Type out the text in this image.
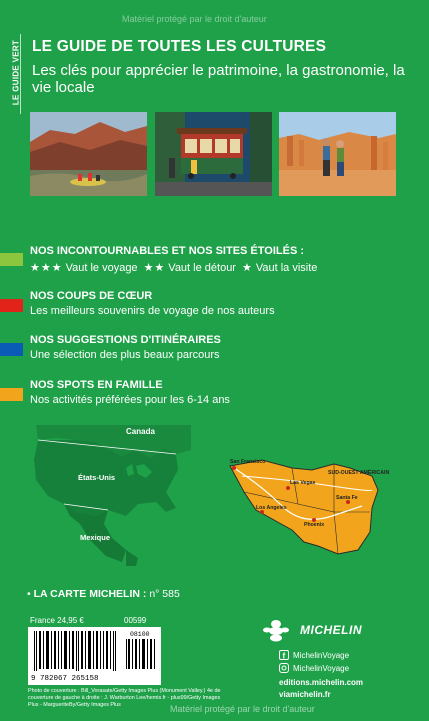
Matériel protégé par le droit d'auteur
LE GUIDE VERT LE GUIDE DE TOUTES LES CULTURES
Les clés pour apprécier le patrimoine, la gastronomie, la vie locale
NOS INCONTOURNABLES ET NOS SITES ÉTOILÉS :
★★★ Vaut le voyage ★★ Vaut le détour ★ Vaut la visite
NOS COUPS DE CŒUR
Les meilleurs souvenirs de voyage de nos auteurs
NOS SUGGESTIONS D'ITINÉRAIRES
Une sélection des plus beaux parcours
NOS SPOTS EN FAMILLE
Nos activités préférées pour les 6-14 ans
Canada
États-Unis
Mexique
San Francisco
SUD-OUEST AMÉRICAIN
Las Vegas
Santa Fe
Los Angeles
Phoenix
• LA CARTE MICHELIN : n° 585
France 24,95 €	00599
9 782067 265158
08100
Photo de couverture : Bill_Vorasate/Getty Images Plus (Monument Valley.) 4e de couverture de gauche à droite : J. Warburton Lee/hemis.fr - plus99/Getty Images Plus - MargueriteBy/Getty Images Plus
MICHELIN
f MichelinVoyage
MichelinVoyage
editions.michelin.com
viamichelin.fr
Matériel protégé par le droit d'auteur
